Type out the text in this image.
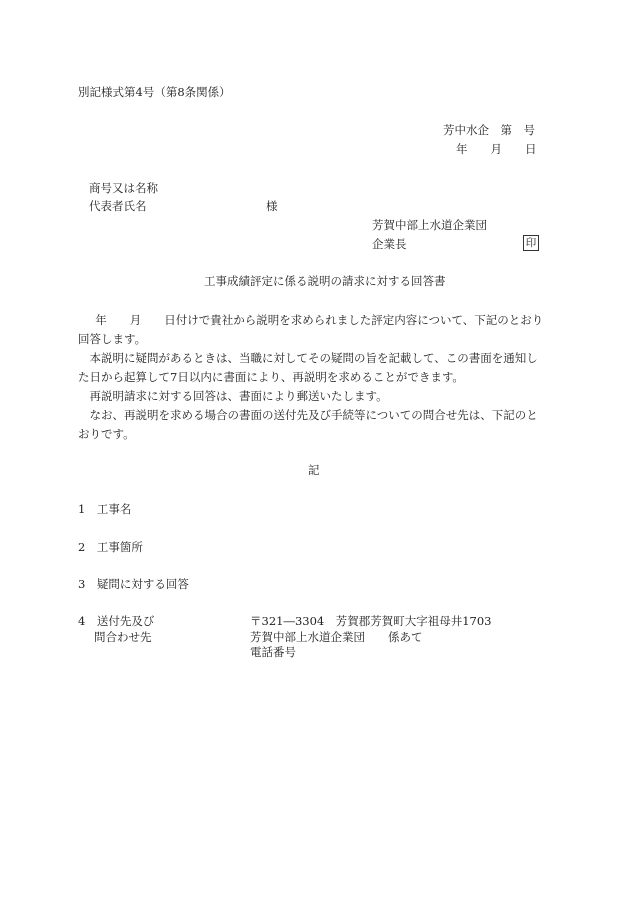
別記様式第4号（第8条関係）
芳中水企　第　号
年　　月　　日
商号又は名称
代表者氏名	様
芳賀中部上水道企業団
企業長	印
工事成績評定に係る説明の請求に対する回答書

年　　月　　日付けで貴社から説明を求められました評定内容について、下記のとおり回答します。

本説明に疑問があるときは、当職に対してその疑問の旨を記載して、この書面を通知した日から起算して7日以内に書面により、再説明を求めることができます。

再説明請求に対する回答は、書面により郵送いたします。

なお、再説明を求める場合の書面の送付先及び手続等についての問合せ先は、下記のとおりです。

記
1　工事名
2　工事箇所
3　疑問に対する回答
4　送付先及び
問合わせ先
〒321―3304　芳賀郡芳賀町大字祖母井1703
芳賀中部上水道企業団　　係あて
電話番号
